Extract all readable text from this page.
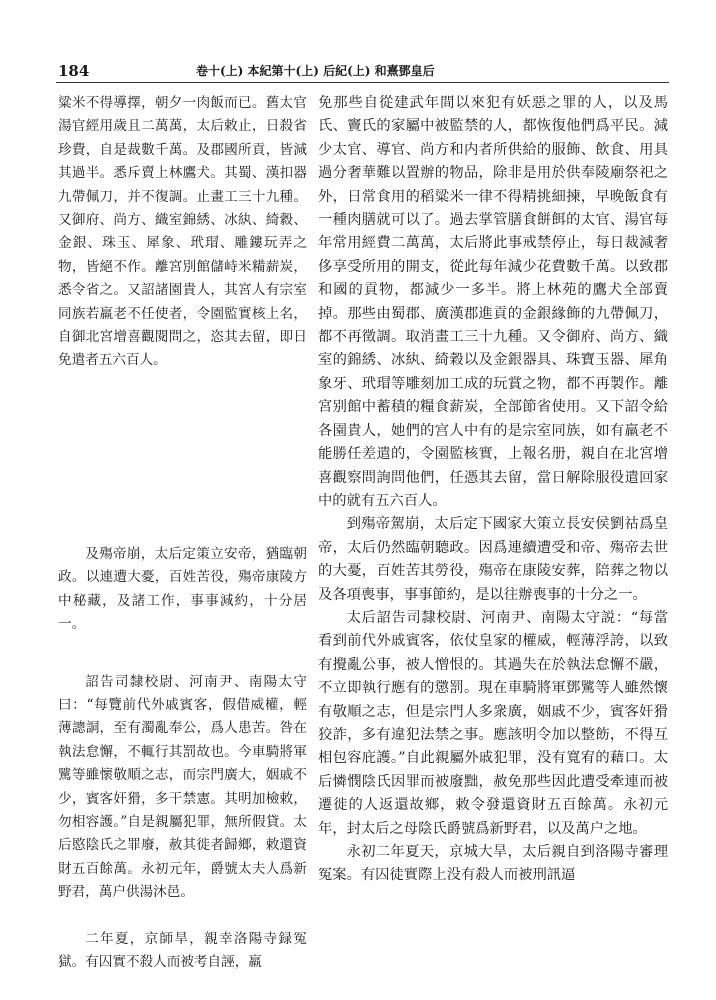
184	卷十(上) 本紀第十(上) 后紀(上) 和熹鄧皇后

粱米不得導擇，朝夕一肉飯而已。舊太官湯官經用歲且二萬萬，太后敕止，日殺省珍費，自是裁數千萬。及郡國所貢，皆減其過半。悉斥賣上林鷹犬。其蜀、漢扣器九帶佩刀，并不復調。止畫工三十九種。又御府、尚方、織室錦綉、冰紈、綺縠、金銀、珠玉、犀象、玳瑁、雕鏤玩弄之物，皆絕不作。離宮別館儲峙米糒薪炭，悉令省之。又詔諸園貴人，其宮人有宗室同族若羸老不任使者，令園監實核上名，自御北宮增喜觀閱問之，恣其去留，即日免遣者五六百人。

及殤帝崩，太后定策立安帝，猶臨朝政。以連遭大憂，百姓苦役，殤帝康陵方中秘藏，及諸工作，事事減約，十分居一。

詔告司隸校尉、河南尹、南陽太守曰：“每覽前代外戚賓客，假借威權，輕薄謥詷，至有濁亂奉公，爲人患苦。咎在執法怠懈，不輒行其罰故也。今車騎將軍騭等雖懷敬順之志，而宗門廣大，姻戚不少，賓客奸猾，多干禁憲。其明加檢敕，勿相容護。”自是親屬犯罪，無所假貸。太后愍陰氏之罪廢，赦其徙者歸鄉，敕還資財五百餘萬。永初元年，爵號太夫人爲新野君，萬户供湯沐邑。

二年夏，京師旱，親幸洛陽寺録冤獄。有囚實不殺人而被考自誣，羸

免那些自從建武年間以來犯有妖惡之罪的人，以及馬氏、竇氏的家屬中被監禁的人，都恢復他們爲平民。減少太官、導官、尚方和内者所供給的服飾、飲食、用具過分奢華難以置辦的物品，除非是用於供奉陵廟祭祀之外，日常食用的稻粱米一律不得精挑細揀，早晚飯食有一種肉膳就可以了。過去掌管膳食餅餌的太官、湯官每年常用經費二萬萬，太后將此事戒禁停止，每日裁減奢侈享受所用的開支，從此每年減少花費數千萬。以致郡和國的貢物，都減少一多半。將上林苑的鷹犬全部賣掉。那些由蜀郡、廣漢郡進貢的金銀緣飾的九帶佩刀，都不再徵調。取消畫工三十九種。又令御府、尚方、織室的錦綉、冰紈、綺穀以及金銀器具、珠寶玉器、犀角象牙、玳瑁等雕刻加工成的玩賞之物，都不再製作。離宮别館中蓄積的糧食薪炭，全部節省使用。又下詔令給各園貴人，她們的宫人中有的是宗室同族，如有羸老不能勝任差遣的，令園監核實，上報名册，親自在北宮增喜觀察問詢問他們，任憑其去留，當日解除服役遣回家中的就有五六百人。

到殤帝駕崩，太后定下國家大策立長安侯劉祜爲皇帝，太后仍然臨朝聽政。因爲連續遭受和帝、殤帝去世的大憂，百姓苦其勞役，殤帝在康陵安葬，陪葬之物以及各項喪事，事事節約，是以往辦喪事的十分之一。

太后詔告司隸校尉、河南尹、南陽太守説：“每當看到前代外戚賓客，依仗皇家的權威，輕薄浮誇，以致有攪亂公事，被人憎恨的。其過失在於執法怠懈不嚴，不立即執行應有的懲罰。現在車騎將軍鄧騭等人雖然懷有敬順之志，但是宗門人多衆廣，姻戚不少，賓客奸猾狡詐，多有違犯法禁之事。應該明令加以整飭，不得互相包容庇護。”自此親屬外戚犯罪，没有寬宥的藉口。太后憐憫陰氏因罪而被廢黜，赦免那些因此遭受牽連而被遷徙的人返還故鄉，敕令發還資財五百餘萬。永初元年，封太后之母陰氏爵號爲新野君，以及萬户之地。

永初二年夏天，京城大旱，太后親自到洛陽寺審理冤案。有囚徒實際上没有殺人而被刑訊逼
